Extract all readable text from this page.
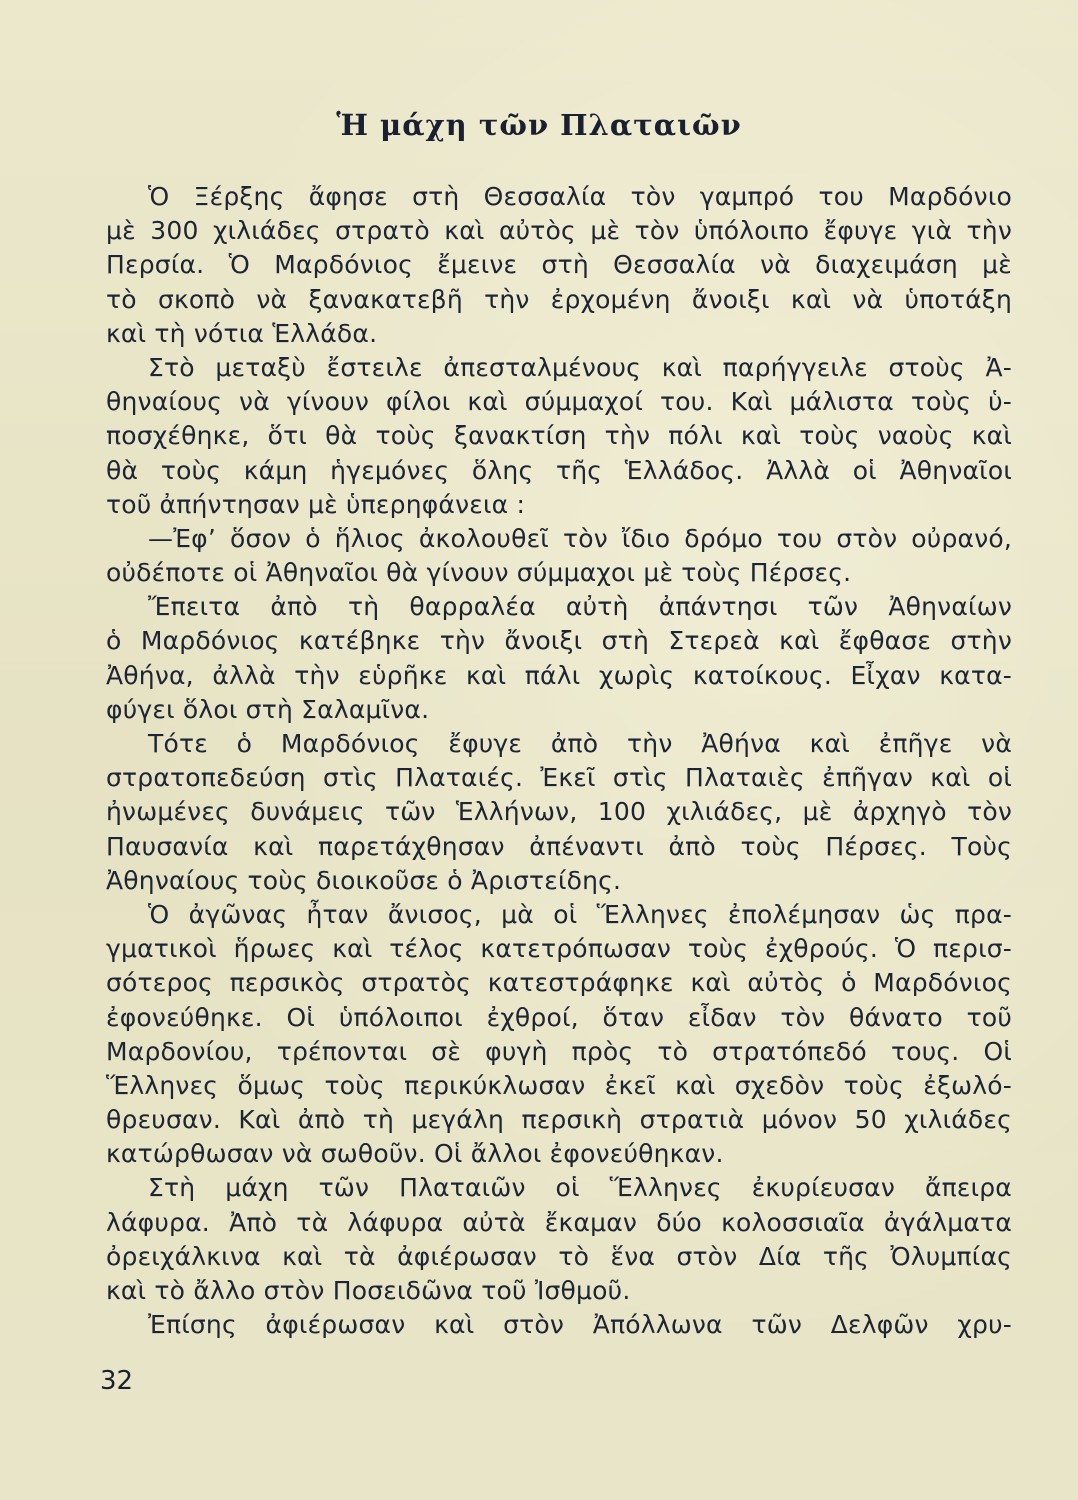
Ἡ μάχη τῶν Πλαταιῶν
Ὁ Ξέρξης ἄφησε στὴ Θεσσαλία τὸν γαμπρό του Μαρδόνιο
μὲ 300 χιλιάδες στρατὸ καὶ αὐτὸς μὲ τὸν ὑπόλοιπο ἔφυγε γιὰ τὴν
Περσία. Ὁ Μαρδόνιος ἔμεινε στὴ Θεσσαλία νὰ διαχειμάση μὲ
τὸ σκοπὸ νὰ ξανακατεβῆ τὴν ἐρχομένη ἄνοιξι καὶ νὰ ὑποτάξη
καὶ τὴ νότια Ἑλλάδα.
Στὸ μεταξὺ ἔστειλε ἀπεσταλμένους καὶ παρήγγειλε στοὺς Ἀ-
θηναίους νὰ γίνουν φίλοι καὶ σύμμαχοί του. Καὶ μάλιστα τοὺς ὑ-
ποσχέθηκε, ὅτι θὰ τοὺς ξανακτίση τὴν πόλι καὶ τοὺς ναοὺς καὶ
θὰ τοὺς κάμη ἡγεμόνες ὅλης τῆς Ἑλλάδος. Ἀλλὰ οἱ Ἀθηναῖοι
τοῦ ἀπήντησαν μὲ ὑπερηφάνεια :
—Ἐφ’ ὅσον ὁ ἥλιος ἀκολουθεῖ τὸν ἴδιο δρόμο του στὸν οὐρανό,
οὐδέποτε οἱ Ἀθηναῖοι θὰ γίνουν σύμμαχοι μὲ τοὺς Πέρσες.
Ἔπειτα ἀπὸ τὴ θαρραλέα αὐτὴ ἀπάντησι τῶν Ἀθηναίων
ὁ Μαρδόνιος κατέβηκε τὴν ἄνοιξι στὴ Στερεὰ καὶ ἔφθασε στὴν
Ἀθήνα, ἀλλὰ τὴν εὑρῆκε καὶ πάλι χωρὶς κατοίκους. Εἶχαν κατα-
φύγει ὅλοι στὴ Σαλαμῖνα.
Τότε ὁ Μαρδόνιος ἔφυγε ἀπὸ τὴν Ἀθήνα καὶ ἐπῆγε νὰ
στρατοπεδεύση στὶς Πλαταιές. Ἐκεῖ στὶς Πλαταιὲς ἐπῆγαν καὶ οἱ
ἠνωμένες δυνάμεις τῶν Ἑλλήνων, 100 χιλιάδες, μὲ ἀρχηγὸ τὸν
Παυσανία καὶ παρετάχθησαν ἀπέναντι ἀπὸ τοὺς Πέρσες. Τοὺς
Ἀθηναίους τοὺς διοικοῦσε ὁ Ἀριστείδης.
Ὁ ἀγῶνας ἦταν ἄνισος, μὰ οἱ Ἕλληνες ἐπολέμησαν ὡς πρα-
γματικοὶ ἥρωες καὶ τέλος κατετρόπωσαν τοὺς ἐχθρούς. Ὁ περισ-
σότερος περσικὸς στρατὸς κατεστράφηκε καὶ αὐτὸς ὁ Μαρδόνιος
ἐφονεύθηκε. Οἱ ὑπόλοιποι ἐχθροί, ὅταν εἶδαν τὸν θάνατο τοῦ
Μαρδονίου, τρέπονται σὲ φυγὴ πρὸς τὸ στρατόπεδό τους. Οἱ
Ἕλληνες ὅμως τοὺς περικύκλωσαν ἐκεῖ καὶ σχεδὸν τοὺς ἐξωλό-
θρευσαν. Καὶ ἀπὸ τὴ μεγάλη περσικὴ στρατιὰ μόνον 50 χιλιάδες
κατώρθωσαν νὰ σωθοῦν. Οἱ ἄλλοι ἐφονεύθηκαν.
Στὴ μάχη τῶν Πλαταιῶν οἱ Ἕλληνες ἐκυρίευσαν ἄπειρα
λάφυρα. Ἀπὸ τὰ λάφυρα αὐτὰ ἔκαμαν δύο κολοσσιαῖα ἀγάλματα
ὀρειχάλκινα καὶ τὰ ἀφιέρωσαν τὸ ἕνα στὸν Δία τῆς Ὀλυμπίας
καὶ τὸ ἄλλο στὸν Ποσειδῶνα τοῦ Ἰσθμοῦ.
Ἐπίσης ἀφιέρωσαν καὶ στὸν Ἀπόλλωνα τῶν Δελφῶν χρυ-
32
